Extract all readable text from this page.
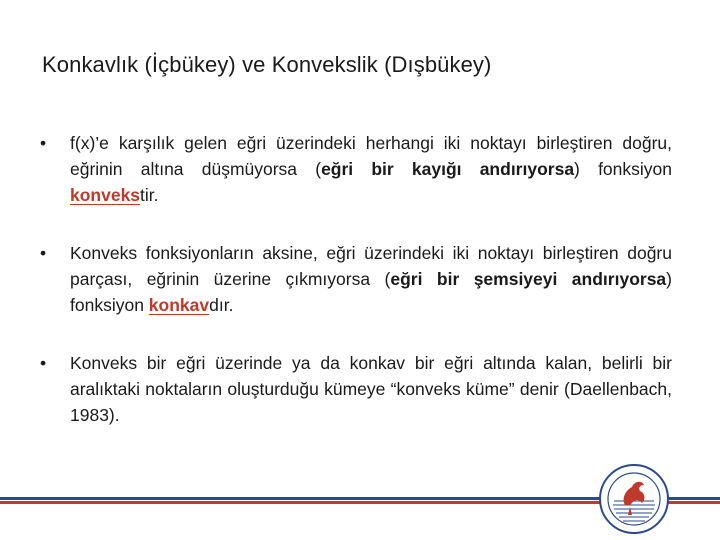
Konkavlık (İçbükey) ve Konvekslik (Dışbükey)
• f(x)’e karşılık gelen eğri üzerindeki herhangi iki noktayı birleştiren doğru, eğrinin altına düşmüyorsa (eğri bir kayığı andırıyorsa) fonksiyon konvekstir.
• Konveks fonksiyonların aksine, eğri üzerindeki iki noktayı birleştiren doğru parçası, eğrinin üzerine çıkmıyorsa (eğri bir şemsiyeyi andırıyorsa) fonksiyon konkavdır.
• Konveks bir eğri üzerinde ya da konkav bir eğri altında kalan, belirli bir aralıktaki noktaların oluşturduğu kümeye “konveks küme” denir (Daellenbach, 1983).
